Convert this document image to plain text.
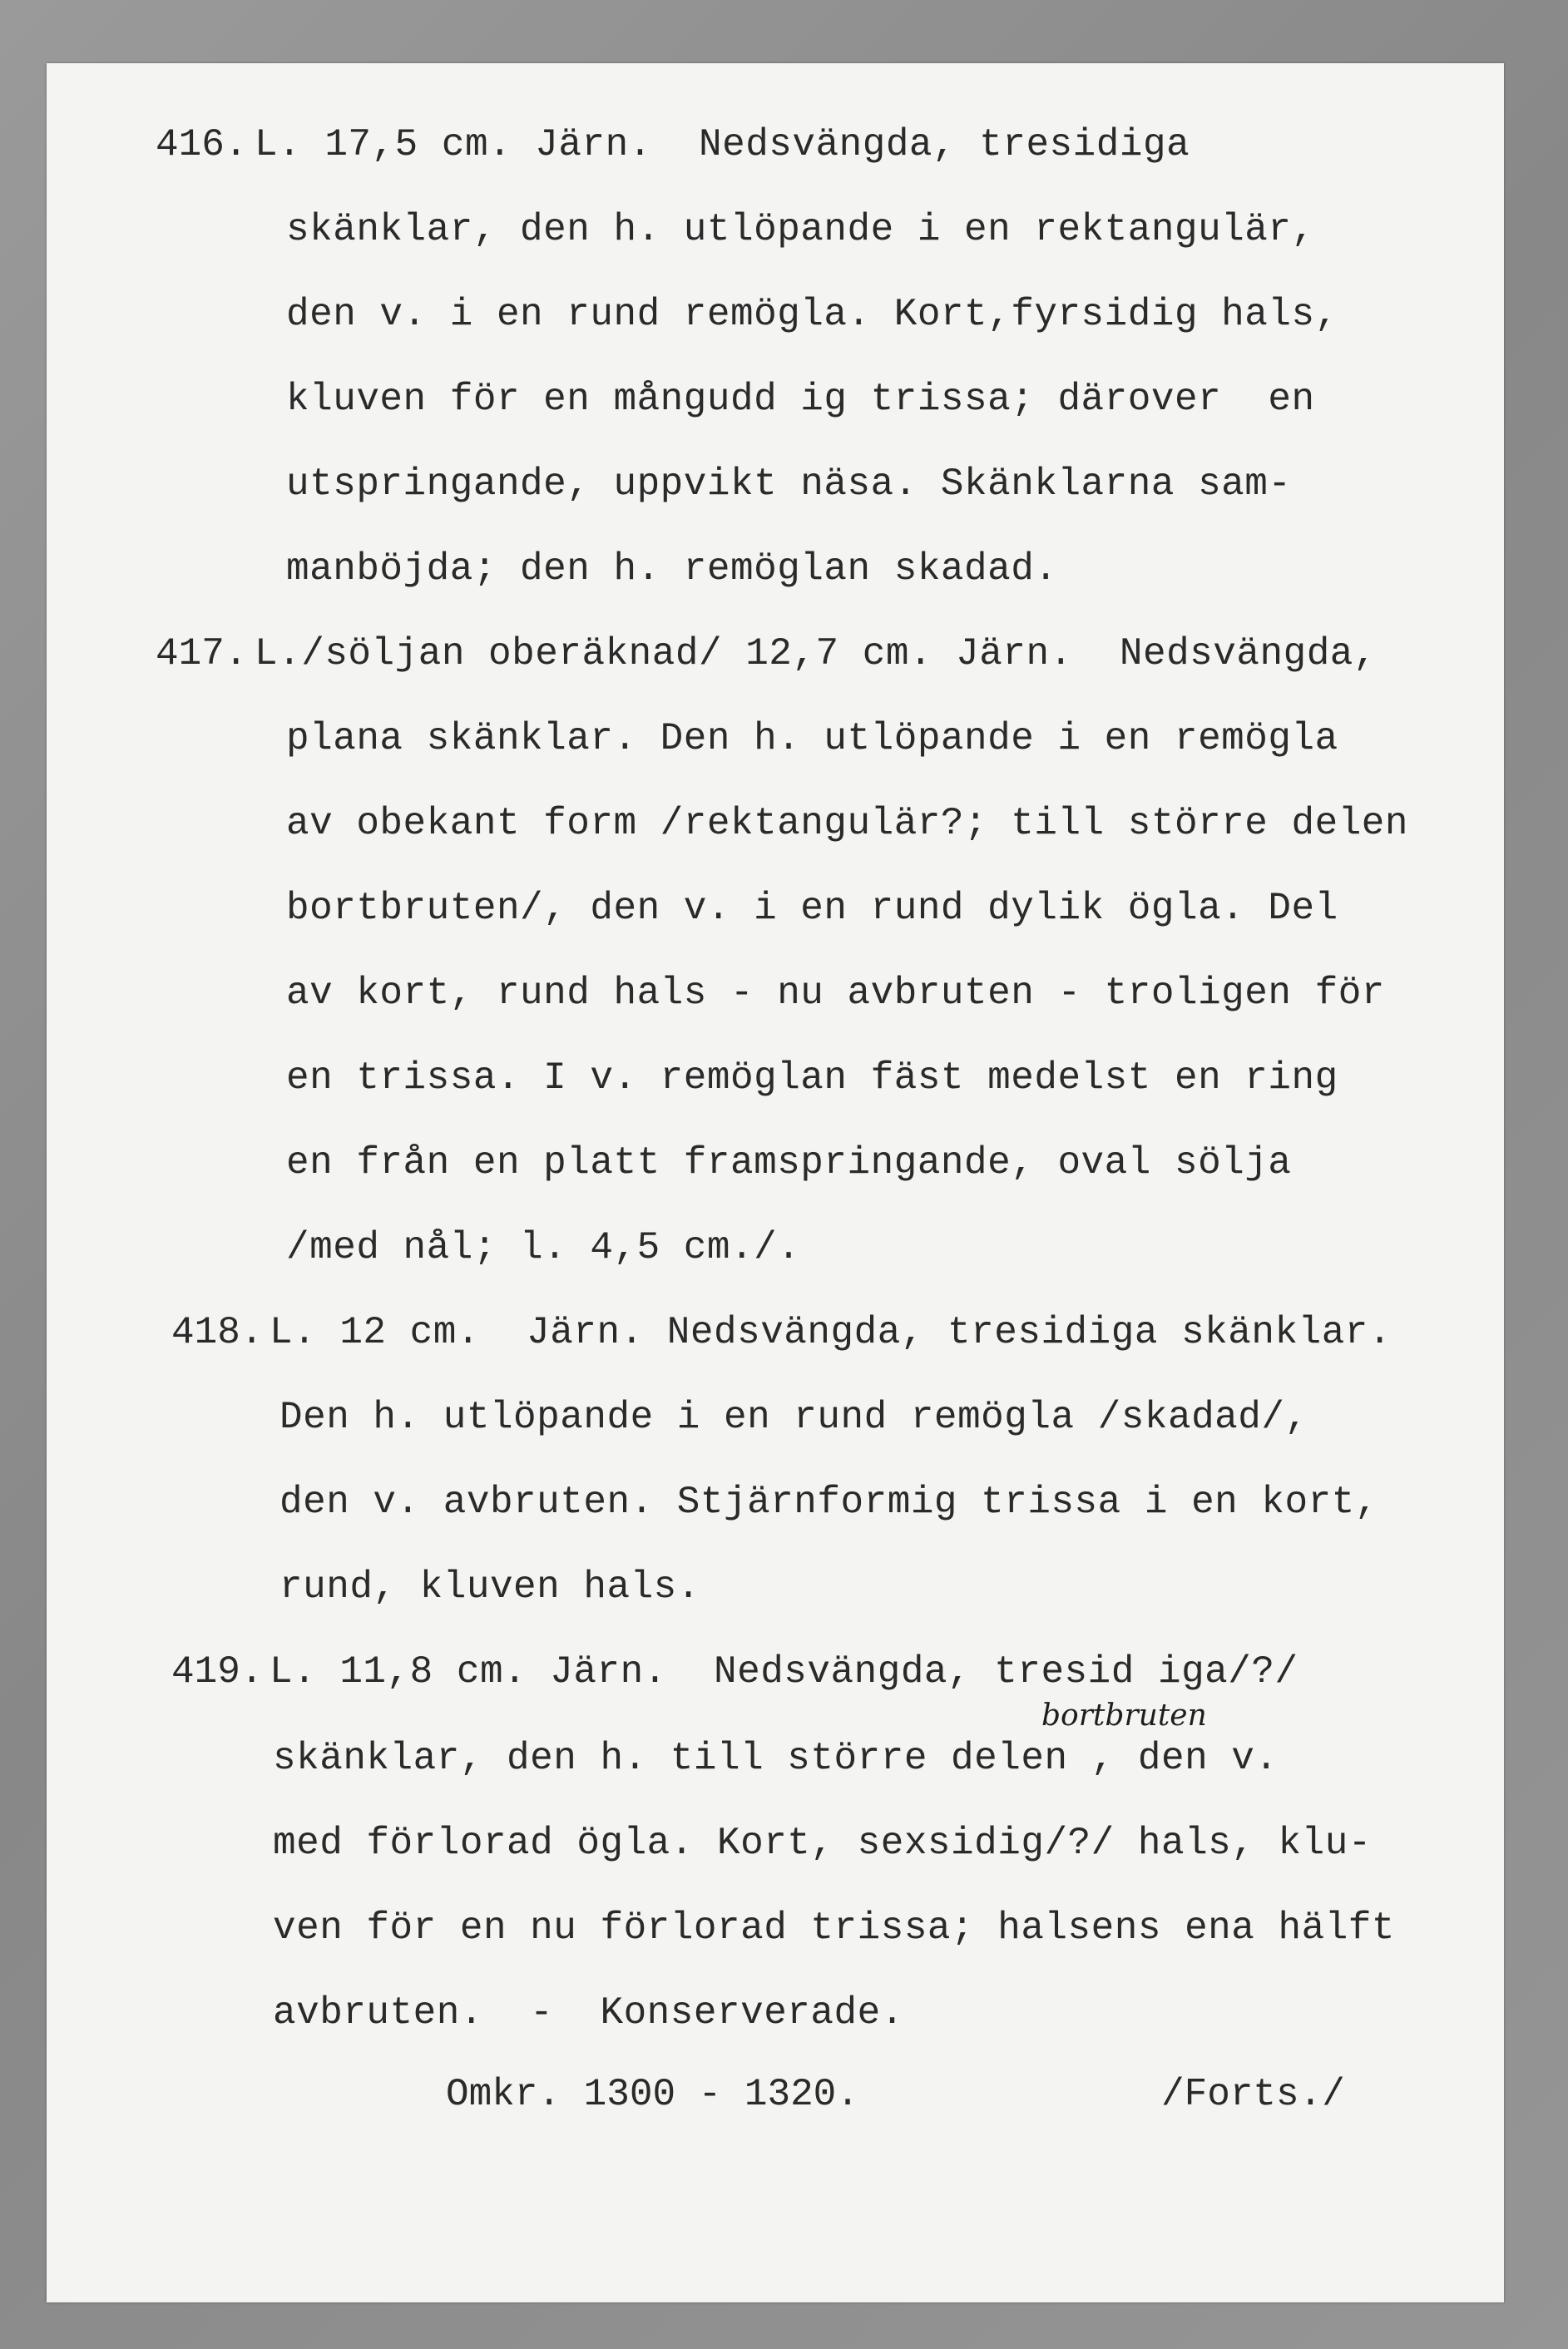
416. L. 17,5 cm. Järn.  Nedsvängda, tresidiga
skänklar, den h. utlöpande i en rektangulär,
den v. i en rund remögla. Kort,fyrsidig hals,
kluven för en mångudd ig trissa; därover  en
utspringande, uppvikt näsa. Skänklarna sam-
manböjda; den h. remöglan skadad.
417. L./söljan oberäknad/ 12,7 cm. Järn.  Nedsvängda,
plana skänklar. Den h. utlöpande i en remögla
av obekant form /rektangulär?; till större delen
bortbruten/, den v. i en rund dylik ögla. Del
av kort, rund hals - nu avbruten - troligen för
en trissa. I v. remöglan fäst medelst en ring
en från en platt framspringande, oval sölja
/med nål; l. 4,5 cm./.
418. L. 12 cm.  Järn. Nedsvängda, tresidiga skänklar.
Den h. utlöpande i en rund remögla /skadad/,
den v. avbruten. Stjärnformig trissa i en kort,
rund, kluven hals.
419. L. 11,8 cm. Järn.  Nedsvängda, tresid iga/?/
bortbruten
skänklar, den h. till större delen , den v.
med förlorad ögla. Kort, sexsidig/?/ hals, klu-
ven för en nu förlorad trissa; halsens ena hälft
avbruten.  -  Konserverade.
Omkr. 1300 - 1320.	/Forts./
